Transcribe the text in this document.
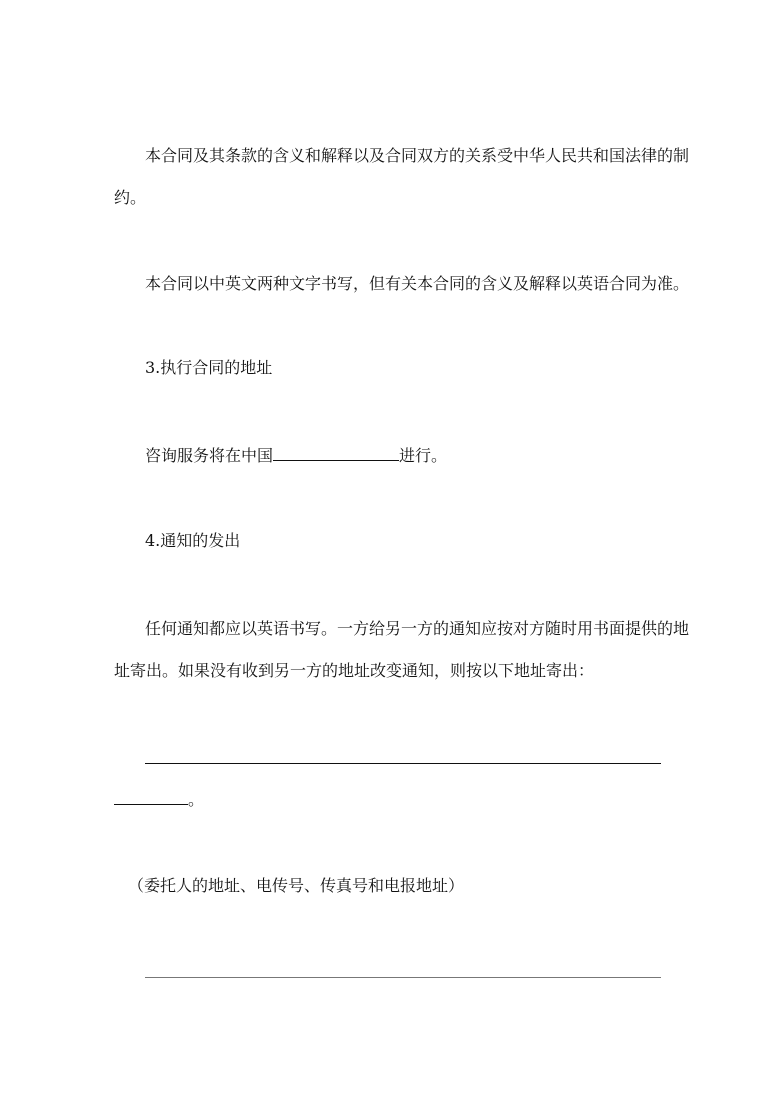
本合同及其条款的含义和解释以及合同双方的关系受中华人民共和国法律的制

约。

本合同以中英文两种文字书写，但有关本合同的含义及解释以英语合同为准。

3.执行合同的地址

咨询服务将在中国	进行。

4.通知的发出

任何通知都应以英语书写。一方给另一方的通知应按对方随时用书面提供的地

址寄出。如果没有收到另一方的地址改变通知，则按以下地址寄出：

。

（委托人的地址、电传号、传真号和电报地址）
